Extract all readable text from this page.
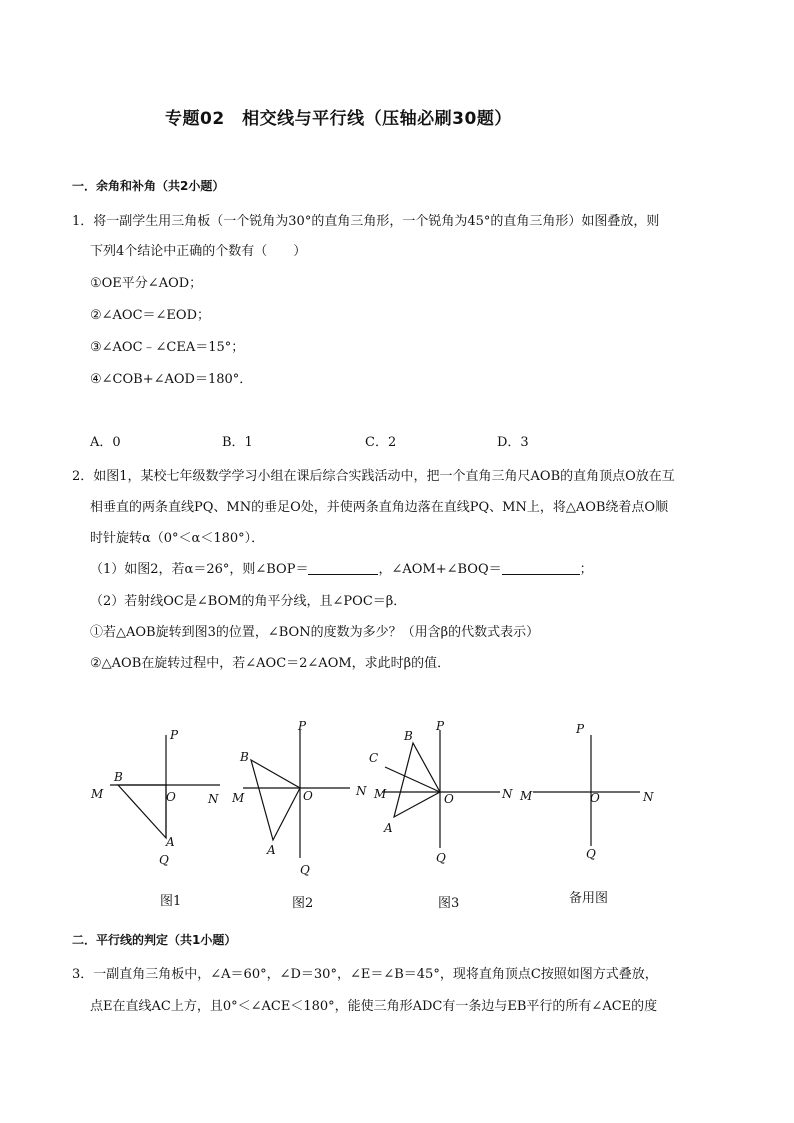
专题02　相交线与平行线（压轴必刷30题）
一．余角和补角（共2小题）
1．将一副学生用三角板（一个锐角为30°的直角三角形，一个锐角为45°的直角三角形）如图叠放，则
下列4个结论中正确的个数有（　　）
①OE平分∠AOD；
②∠AOC＝∠EOD；
③∠AOC﹣∠CEA＝15°；
④∠COB+∠AOD＝180°．
A．0	B．1	C．2	D．3
2．如图1，某校七年级数学学习小组在课后综合实践活动中，把一个直角三角尺AOB的直角顶点O放在互
相垂直的两条直线PQ、MN的垂足O处，并使两条直角边落在直线PQ、MN上，将△AOB绕着点O顺
时针旋转α（0°＜α＜180°）．
（1）如图2，若α＝26°，则∠BOP＝	，∠AOM+∠BOQ＝	；
（2）若射线OC是∠BOM的角平分线，且∠POC＝β．
①若△AOB旋转到图3的位置，∠BON的度数为多少？（用含β的代数式表示）
②△AOB在旋转过程中，若∠AOC＝2∠AOM，求此时β的值．
P
M
B
O	N
A
Q
图1
P
B
M	O	N
A
Q
图2
P
B
C
M	O	N
A
Q
图3
P
M	O	N
Q
备用图
二．平行线的判定（共1小题）
3．一副直角三角板中，∠A＝60°，∠D＝30°，∠E＝∠B＝45°，现将直角顶点C按照如图方式叠放，
点E在直线AC上方，且0°＜∠ACE＜180°，能使三角形ADC有一条边与EB平行的所有∠ACE的度
